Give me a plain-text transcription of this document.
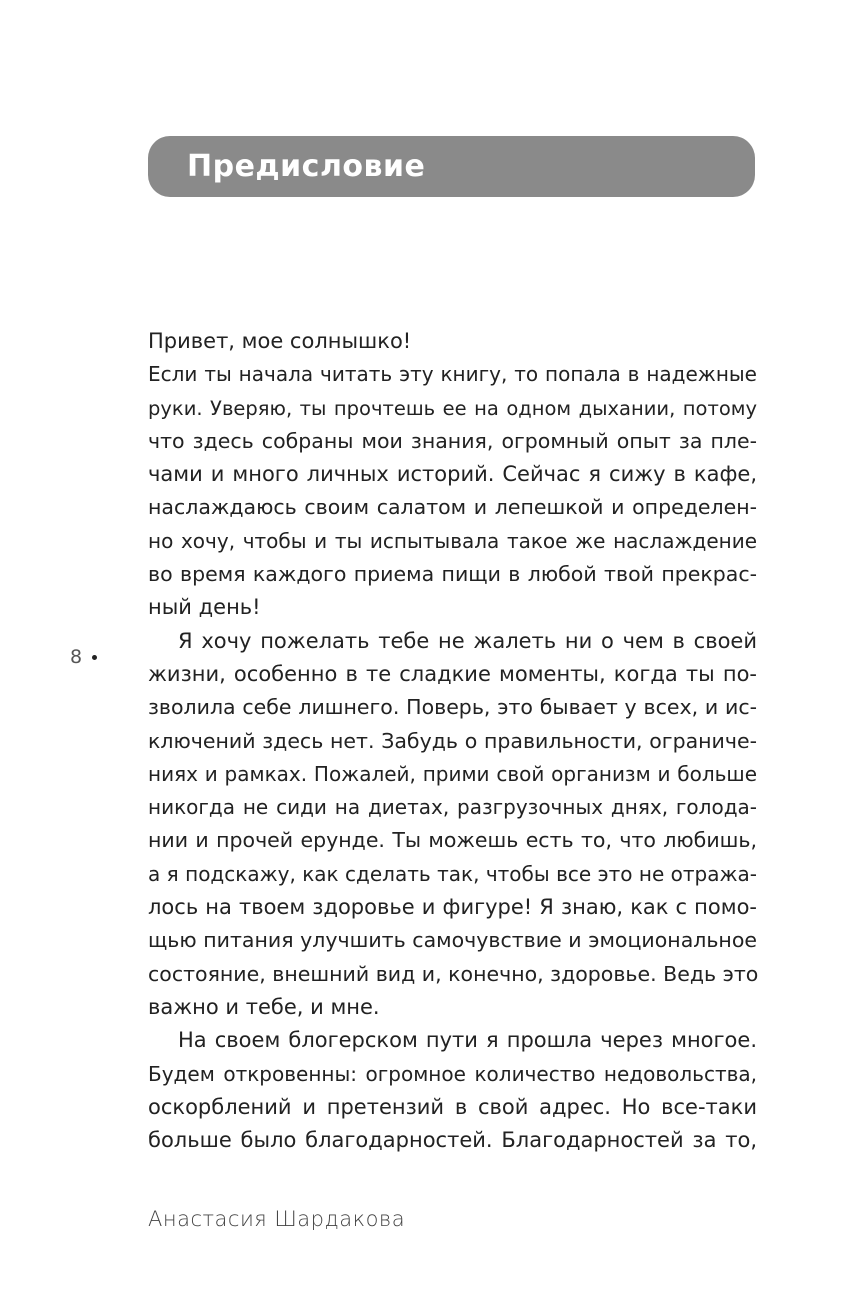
Предисловие
8
Привет, мое солнышко!
Если ты начала читать эту книгу, то попала в надежные
руки. Уверяю, ты прочтешь ее на одном дыхании, потому
что здесь собраны мои знания, огромный опыт за пле-
чами и много личных историй. Сейчас я сижу в кафе,
наслаждаюсь своим салатом и лепешкой и определен-
но хочу, чтобы и ты испытывала такое же наслаждение
во время каждого приема пищи в любой твой прекрас-
ный день!
Я хочу пожелать тебе не жалеть ни о чем в своей
жизни, особенно в те сладкие моменты, когда ты по-
зволила себе лишнего. Поверь, это бывает у всех, и ис-
ключений здесь нет. Забудь о правильности, ограниче-
ниях и рамках. Пожалей, прими свой организм и больше
никогда не сиди на диетах, разгрузочных днях, голода-
нии и прочей ерунде. Ты можешь есть то, что любишь,
а я подскажу, как сделать так, чтобы все это не отража-
лось на твоем здоровье и фигуре! Я знаю, как с помо-
щью питания улучшить самочувствие и эмоциональное
состояние, внешний вид и, конечно, здоровье. Ведь это
важно и тебе, и мне.
На своем блогерском пути я прошла через многое.
Будем откровенны: огромное количество недовольства,
оскорблений и претензий в свой адрес. Но все-таки
больше было благодарностей. Благодарностей за то,
Анастасия Шардакова
